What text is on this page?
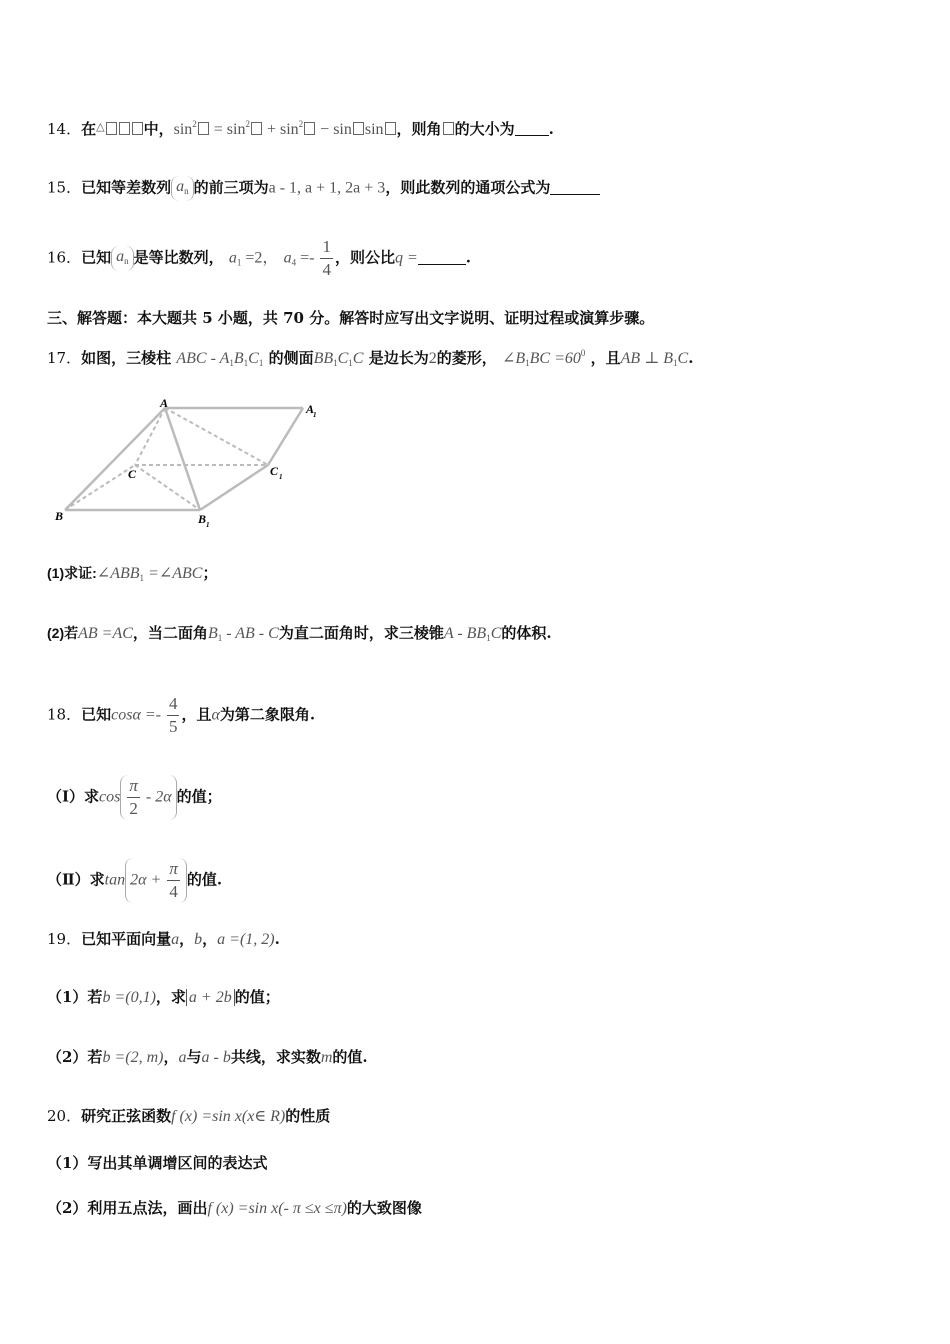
14．在△	中，$\sin^2 = \sin^2 + \sin^2 - \sin \sin$ ，则角 的大小为 .
15．已知等差数列 $a_n$ 的前三项为a - 1, a + 1, 2a + 3，则此数列的通项公式为
16．已知 $a_n$ 是等比数列， $a_1 =2$， $a_4 =- \frac{1}{4}$ ，则公比q =	.
三、解答题：本大题共 5 小题，共 70 分。解答时应写出文字说明、证明过程或演算步骤。
17．如图，三棱柱 ABC - $A_1B_1C_1$ 的侧面$BB_1C_1C$ 是边长为2的菱形， $\angle B_1BC =60^0$ ，且AB ⊥ $B_1C$.
A	A
1
C	C 1
B	B 1
(1)求证$:\angle ABB_1$ =∠ABC；
(2)若AB =AC，当二面角$B_1$ - AB - C为直二面角时，求三棱锥A - $BB_1C$的体积.
18．已知$\cos\alpha =- \frac{4}{5}$ ，且α为第二象限角.
（Ⅰ）求$\cos \frac{\pi}{2} - 2\alpha$ 的值；
（Ⅱ）求$\tan 2\alpha + \frac{\pi}{4}$ 的值.
19．已知平面向量a，b，a =(1, 2).
（1）若b =(0,1)，求 a + 2b 的值；
（2）若b =(2, m)，a与a - b共线，求实数m的值.
20．研究正弦函数f (x) =sin x(x∈ R)的性质
（1）写出其单调增区间的表达式
（2）利用五点法，画出f (x) =sin x(- π ≤x ≤π)的大致图像
